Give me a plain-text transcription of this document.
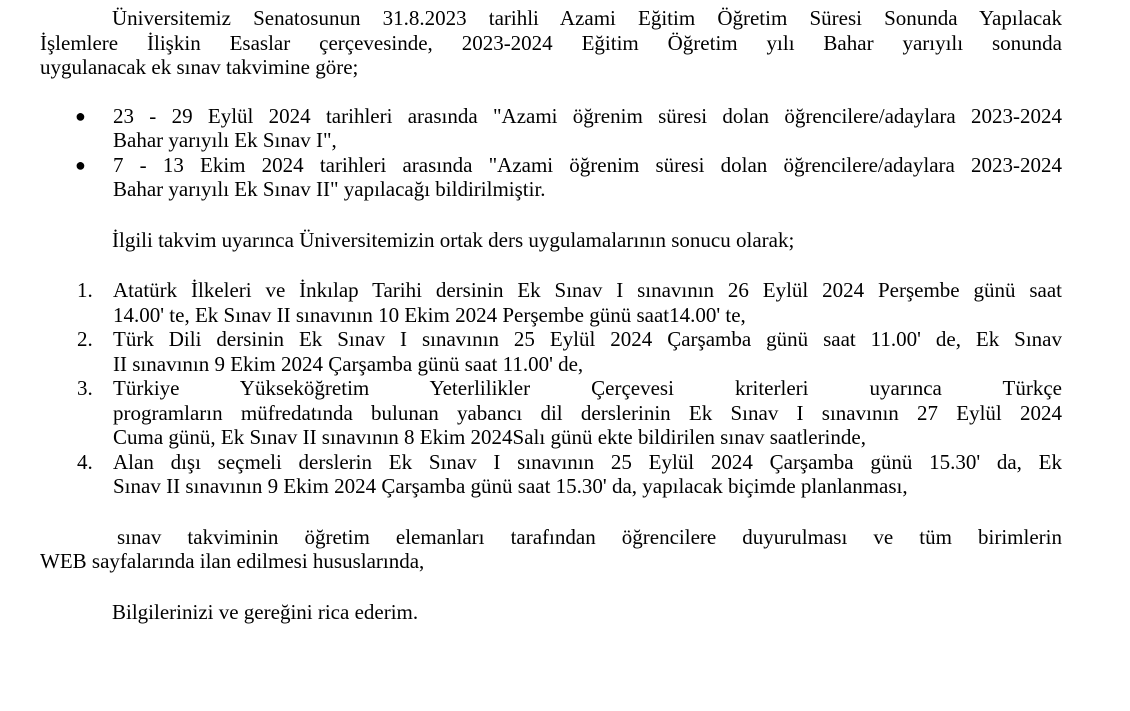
Üniversitemiz Senatosunun 31.8.2023 tarihli Azami Eğitim Öğretim Süresi Sonunda Yapılacak

İşlemlere İlişkin Esaslar çerçevesinde, 2023-2024 Eğitim Öğretim yılı Bahar yarıyılı sonunda

uygulanacak ek sınav takvimine göre;

●	23 - 29 Eylül 2024 tarihleri arasında "Azami öğrenim süresi dolan öğrencilere/adaylara 2023-2024

Bahar yarıyılı Ek Sınav I",

●	7 - 13 Ekim 2024 tarihleri arasında "Azami öğrenim süresi dolan öğrencilere/adaylara 2023-2024

Bahar yarıyılı Ek Sınav II" yapılacağı bildirilmiştir.

İlgili takvim uyarınca Üniversitemizin ortak ders uygulamalarının sonucu olarak;

1. Atatürk İlkeleri ve İnkılap Tarihi dersinin Ek Sınav I sınavının 26 Eylül 2024 Perşembe günü saat

14.00' te, Ek Sınav II sınavının 10 Ekim 2024 Perşembe günü saat14.00' te,

2. Türk Dili dersinin Ek Sınav I sınavının 25 Eylül 2024 Çarşamba günü saat 11.00' de, Ek Sınav

II sınavının 9 Ekim 2024 Çarşamba günü saat 11.00' de,

3. Türkiye Yükseköğretim Yeterlilikler Çerçevesi kriterleri uyarınca Türkçe

programların müfredatında bulunan yabancı dil derslerinin Ek Sınav I sınavının 27 Eylül 2024

Cuma günü, Ek Sınav II sınavının 8 Ekim 2024Salı günü ekte bildirilen sınav saatlerinde,

4. Alan dışı seçmeli derslerin Ek Sınav I sınavının 25 Eylül 2024 Çarşamba günü 15.30' da, Ek

Sınav II sınavının 9 Ekim 2024 Çarşamba günü saat 15.30' da, yapılacak biçimde planlanması,

sınav takviminin öğretim elemanları tarafından öğrencilere duyurulması ve tüm birimlerin

WEB sayfalarında ilan edilmesi hususlarında,

Bilgilerinizi ve gereğini rica ederim.
